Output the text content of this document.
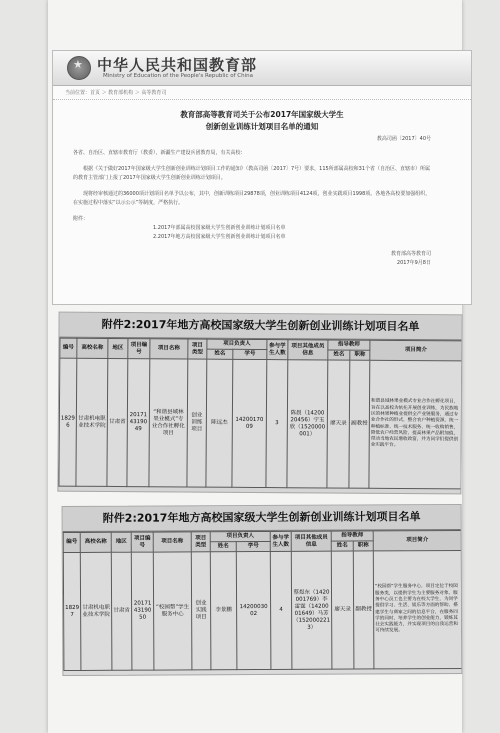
★
中华人民共和国教育部
Ministry of Education of the People's Republic of China
当前位置：首页 ＞ 教育部机构 ＞ 高等教育司
教育部高等教育司关于公布2017年国家级大学生
创新创业训练计划项目名单的通知
教高司函〔2017〕40号
各省、自治区、直辖市教育厅（教委），新疆生产建设兵团教育局，有关高校：
根据《关于做好2017年国家级大学生创新创业训练计划项目工作的通知》（教高司函〔2017〕7号）要求，115所部属高校和31个省（自治区、直辖市）所属的教育主管部门上报了2017年国家级大学生创新创业训练计划项目。
现将经审核通过的36000项计划项目名单予以公布，其中，创新训练项目29878项，创业训练项目4124项，创业实践项目1998项。各地各高校要加强组织，在实施过程中落实“以示公示”等制度，严格执行。
附件：
1.2017年部属高校国家级大学生创新创业训练计划项目名单
2.2017年地方高校国家级大学生创新创业训练计划项目名单
教育部高等教育司
2017年9月8日
附件2:2017年地方高校国家级大学生创新创业训练计划项目名单
编号	高校名称	地区	项目编号	项目名称	项目类型	项目负责人		参与学生人数	项目其他成员信息	指导教师		项目简介
						姓名	学号			姓名	职称	
18296	甘肃机电职业技术学院	甘肃省	201714319049	“和谐县域林果业模式”专业合作社孵化项目	创业训练项目	陈远杰	1420017009	3	陈晨（1420020456）宁玉欣（1520000001）	廖天录	副教授	和谐县域林果业模式专业合作社孵化项目，旨在以高校为依托开展创业训练，为民族地区的林果种植业提供全产业链服务，通过专业合作社的形式，整合农户种植资源，统一种植标准、统一技术服务、统一收购销售，降低农户经营风险，提高林果产品附加值，带动当地农民增收致富，并为同学们提供创业实践平台。
附件2:2017年地方高校国家级大学生创新创业训练计划项目名单
编号	高校名称	地区	项目编号	项目名称	项目类型	项目负责人		参与学生人数	项目其他成员信息	指导教师		项目简介
						姓名	学号			姓名	职称	
18297	甘肃机电职业技术学院	甘肃省	201714319050	“校园帮”学生服务中心	创业实践项目	李景鹏	1420003002	4	蔡煜东（1420001769）李雷霆（1420001649）马芳（1520002213）	廖天录	副教授	“校园帮”学生服务中心，项目定位于校园服务类，以提供学生为主要服务对象，服务中心员工也主要为在校大学生，为同学提供学习、生活、娱乐等方面的帮助，搭建学生与商家之间的信息平台，在服务同学的同时，培养学生的创业能力，锻炼其社会实践能力，并实现项目的自我运营和可持续发展。
